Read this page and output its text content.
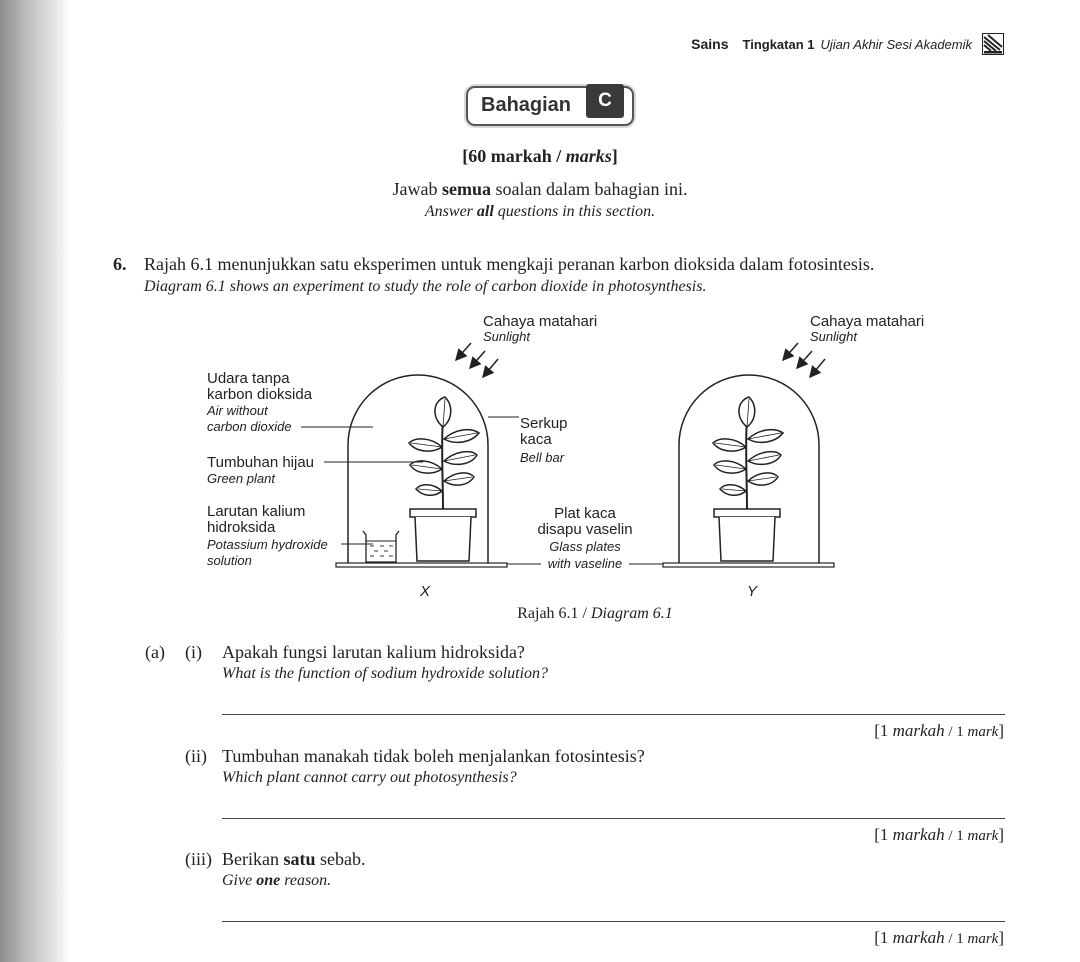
Sains Tingkatan 1 Ujian Akhir Sesi Akademik
Bahagian	C
[60 markah / marks]
Jawab semua soalan dalam bahagian ini.
Answer all questions in this section.
6. Rajah 6.1 menunjukkan satu eksperimen untuk mengkaji peranan karbon dioksida dalam fotosintesis.
Diagram 6.1 shows an experiment to study the role of carbon dioxide in photosynthesis.
Cahaya matahari
Sunlight
Cahaya matahari
Sunlight
Udara tanpa
karbon dioksida
Air without
carbon dioxide
Tumbuhan hijau
Green plant
Larutan kalium
hidroksida
Potassium hydroxide
solution
Serkup
kaca
Bell bar
Plat kaca
disapu vaselin
Glass plates
with vaseline
X	Y
Rajah 6.1 / Diagram 6.1
(a) (i) Apakah fungsi larutan kalium hidroksida?
What is the function of sodium hydroxide solution?
[1 markah / 1 mark]
(ii) Tumbuhan manakah tidak boleh menjalankan fotosintesis?
Which plant cannot carry out photosynthesis?
[1 markah / 1 mark]
(iii) Berikan satu sebab.
Give one reason.
[1 markah / 1 mark]
